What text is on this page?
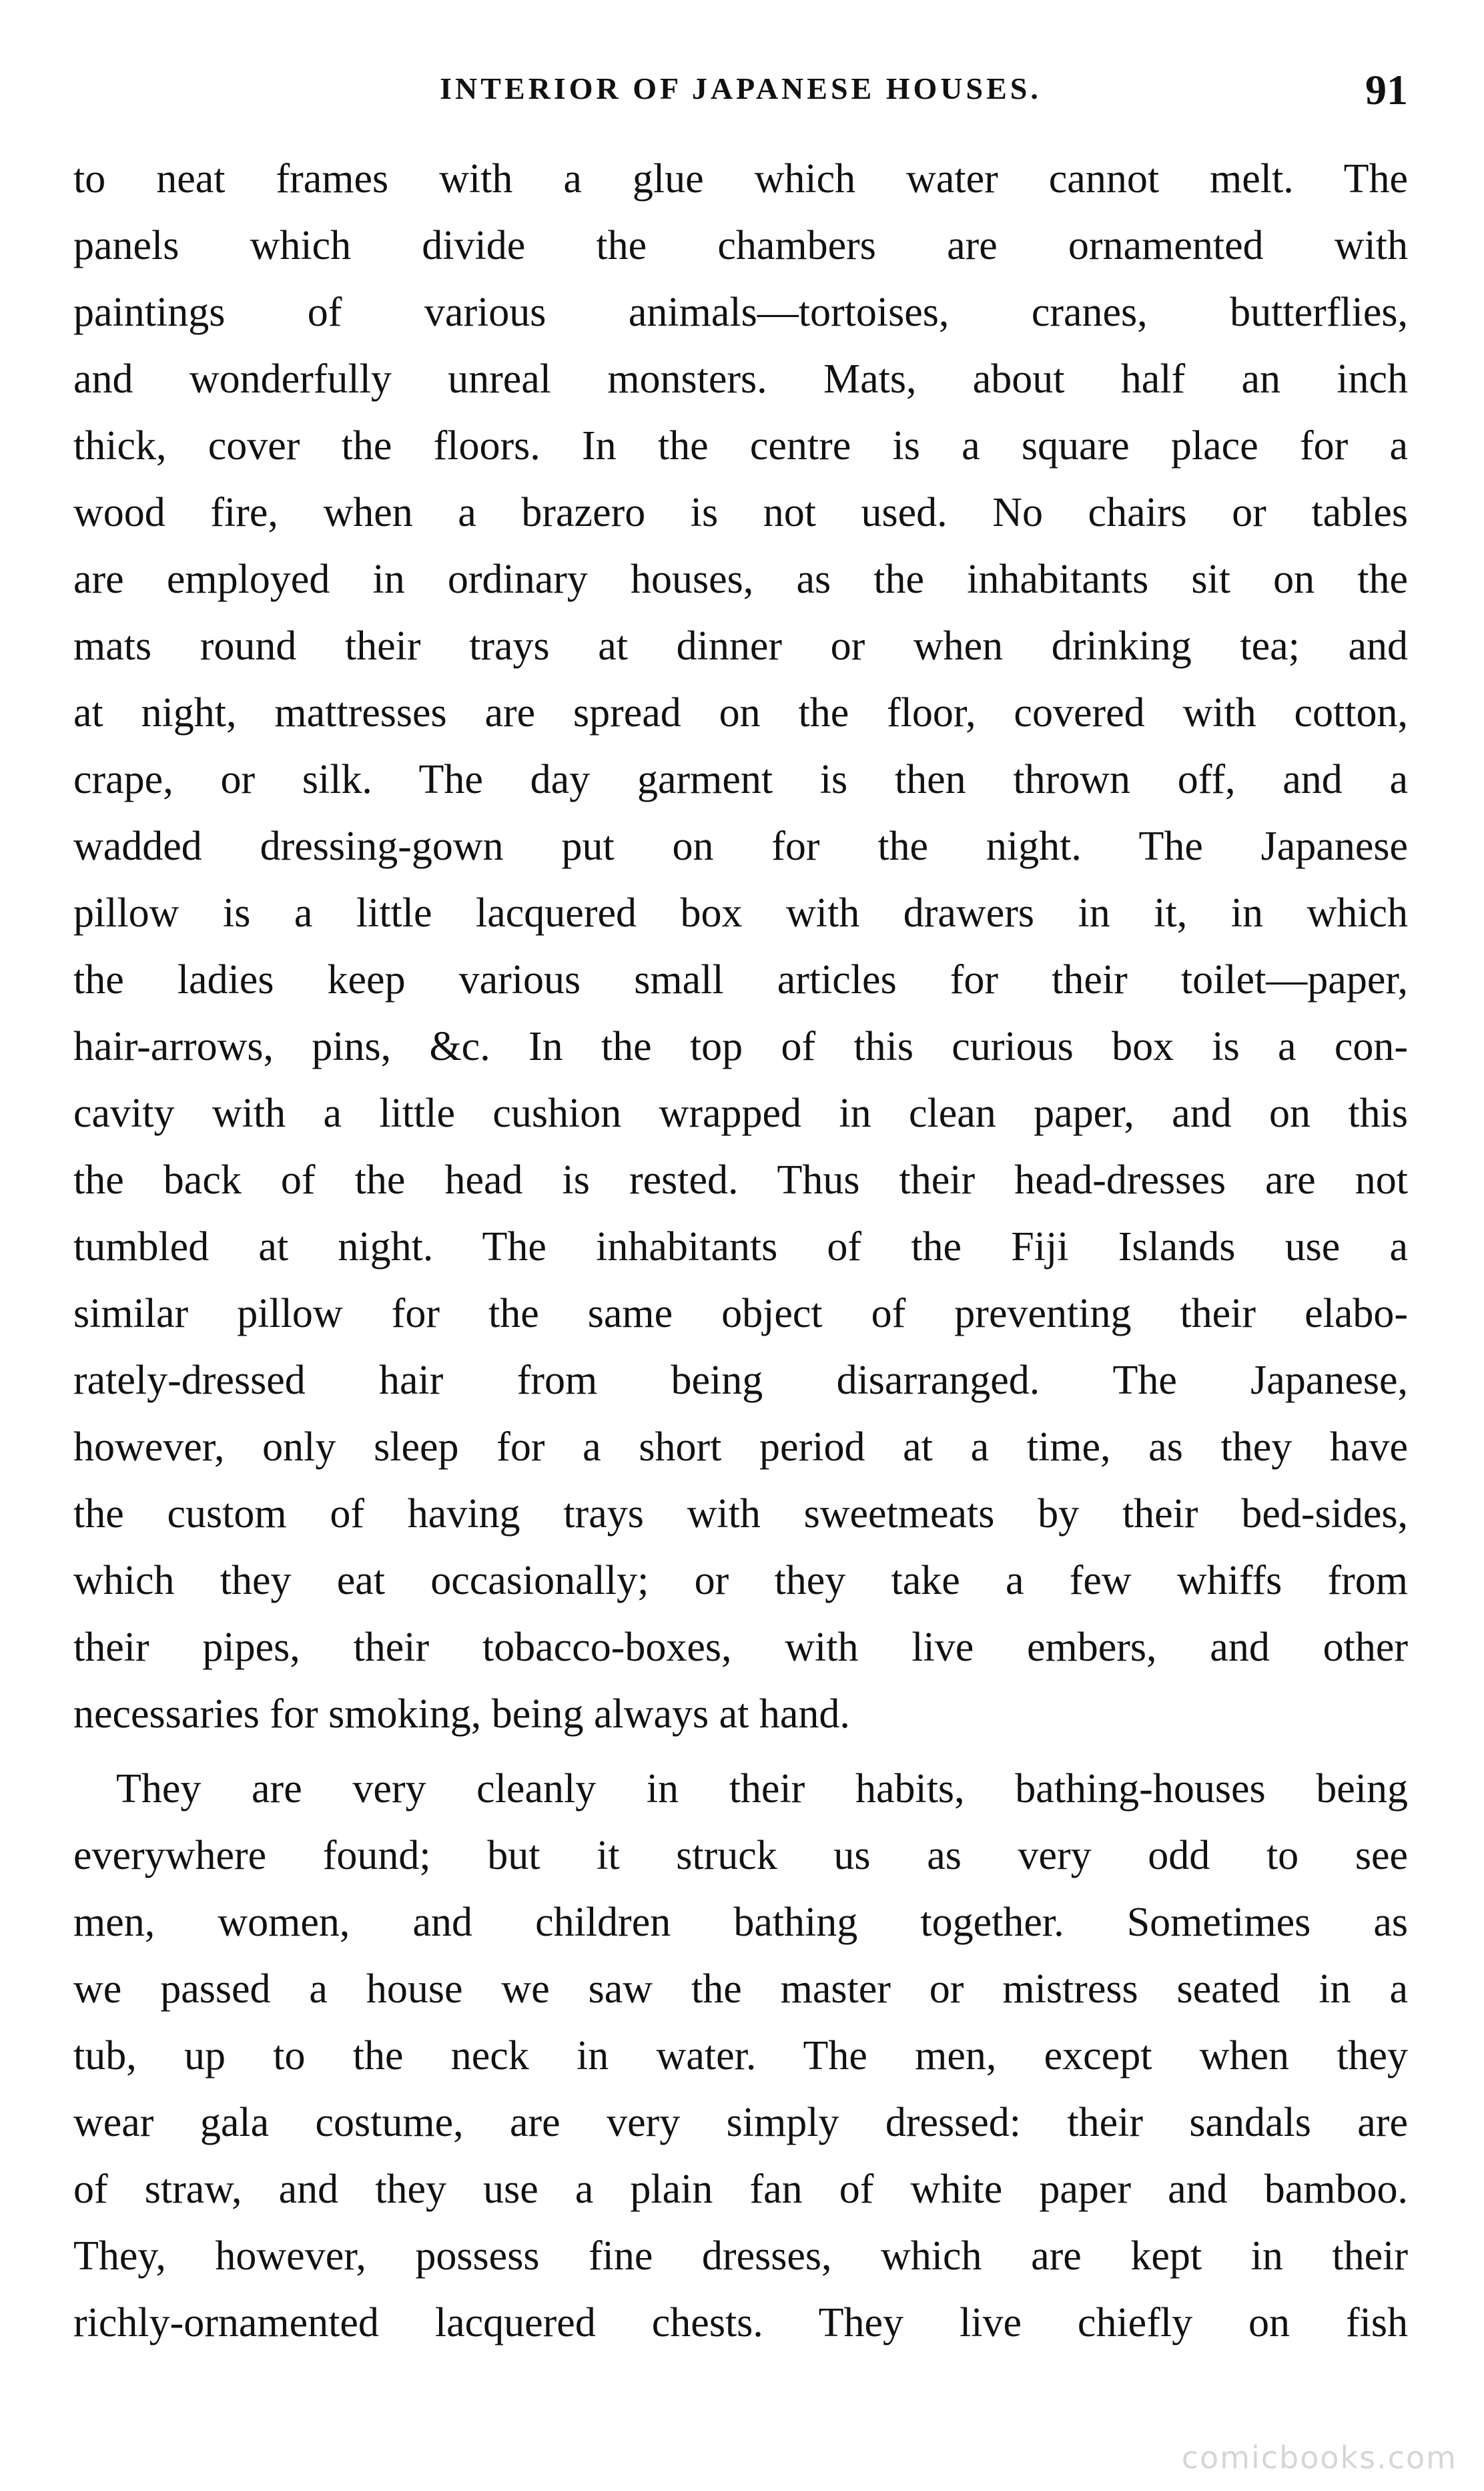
INTERIOR OF JAPANESE HOUSES.	91
to neat frames with a glue which water cannot melt. The
panels which divide the chambers are ornamented with
paintings of various animals—tortoises, cranes, butterflies,
and wonderfully unreal monsters. Mats, about half an inch
thick, cover the floors. In the centre is a square place for a
wood fire, when a brazero is not used. No chairs or tables
are employed in ordinary houses, as the inhabitants sit on the
mats round their trays at dinner or when drinking tea; and
at night, mattresses are spread on the floor, covered with cotton,
crape, or silk. The day garment is then thrown off, and a
wadded dressing-gown put on for the night. The Japanese
pillow is a little lacquered box with drawers in it, in which
the ladies keep various small articles for their toilet—paper,
hair-arrows, pins, &c. In the top of this curious box is a con-
cavity with a little cushion wrapped in clean paper, and on this
the back of the head is rested. Thus their head-dresses are not
tumbled at night. The inhabitants of the Fiji Islands use a
similar pillow for the same object of preventing their elabo-
rately-dressed hair from being disarranged. The Japanese,
however, only sleep for a short period at a time, as they have
the custom of having trays with sweetmeats by their bed-sides,
which they eat occasionally; or they take a few whiffs from
their pipes, their tobacco-boxes, with live embers, and other
necessaries for smoking, being always at hand.
They are very cleanly in their habits, bathing-houses being
everywhere found; but it struck us as very odd to see
men, women, and children bathing together. Sometimes as
we passed a house we saw the master or mistress seated in a
tub, up to the neck in water. The men, except when they
wear gala costume, are very simply dressed: their sandals are
of straw, and they use a plain fan of white paper and bamboo.
They, however, possess fine dresses, which are kept in their
richly-ornamented lacquered chests. They live chiefly on fish
comicbooks.com
